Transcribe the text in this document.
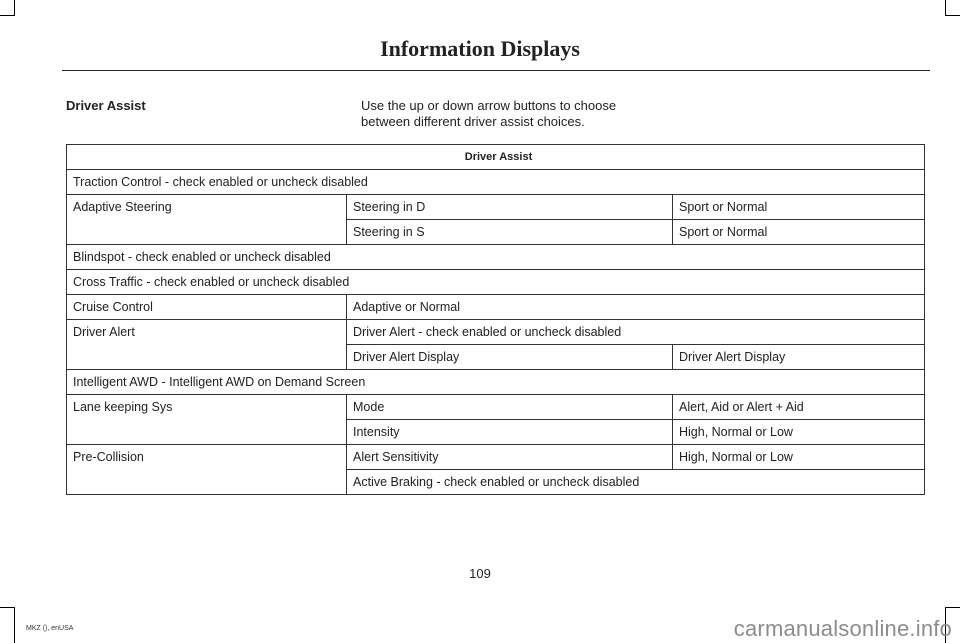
Information Displays
Driver Assist	Use the up or down arrow buttons to choose between different driver assist choices.
Driver Assist		
Traction Control - check enabled or uncheck disabled		
Adaptive Steering	Steering in D	Sport or Normal
	Steering in S	Sport or Normal
Blindspot - check enabled or uncheck disabled		
Cross Traffic - check enabled or uncheck disabled		
Cruise Control	Adaptive or Normal	
Driver Alert	Driver Alert - check enabled or uncheck disabled	
	Driver Alert Display	Driver Alert Display
Intelligent AWD - Intelligent AWD on Demand Screen		
Lane keeping Sys	Mode	Alert, Aid or Alert + Aid
	Intensity	High, Normal or Low
Pre-Collision	Alert Sensitivity	High, Normal or Low
	Active Braking - check enabled or uncheck disabled	
109
MKZ (), enUSA	carmanualsonline.info
